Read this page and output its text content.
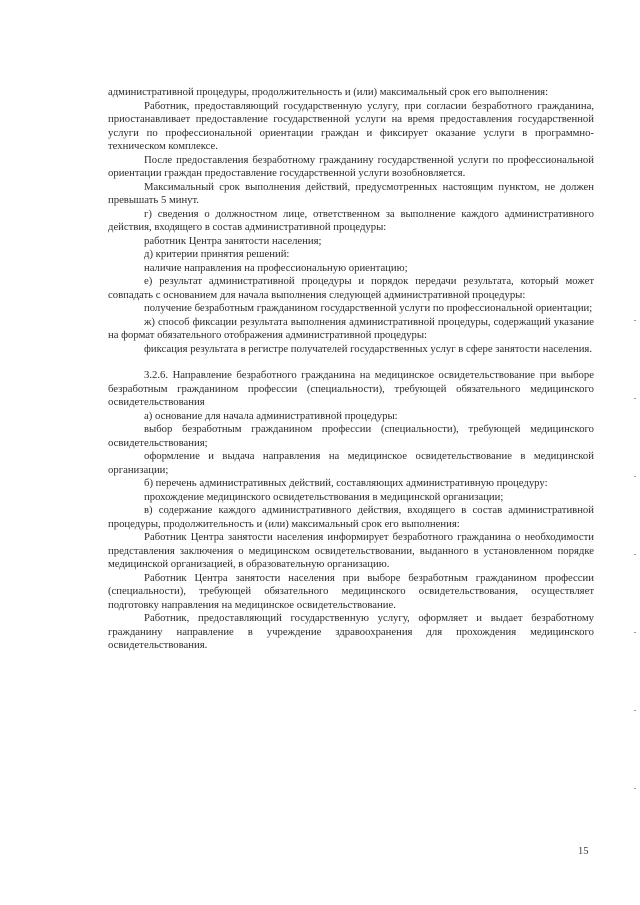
административной процедуры, продолжительность и (или) максимальный срок его выполнения:

Работник, предоставляющий государственную услугу, при согласии безработного гражданина, приостанавливает предоставление государственной услуги на время предоставления государственной услуги по профессиональной ориентации граждан и фиксирует оказание услуги в программно-техническом комплексе.

После предоставления безработному гражданину государственной услуги по профессиональной ориентации граждан предоставление государственной услуги возобновляется.

Максимальный срок выполнения действий, предусмотренных настоящим пунктом, не должен превышать 5 минут.

г) сведения о должностном лице, ответственном за выполнение каждого административного действия, входящего в состав административной процедуры:

работник Центра занятости населения;

д) критерии принятия решений:

наличие направления на профессиональную ориентацию;

е) результат административной процедуры и порядок передачи результата, который может совпадать с основанием для начала выполнения следующей административной процедуры:

получение безработным гражданином государственной услуги по профессиональной ориентации;

ж) способ фиксации результата выполнения административной процедуры, содержащий указание на формат обязательного отображения административной процедуры:

фиксация результата в регистре получателей государственных услуг в сфере занятости населения.

3.2.6. Направление безработного гражданина на медицинское освидетельствование при выборе безработным гражданином профессии (специальности), требующей обязательного медицинского освидетельствования

а) основание для начала административной процедуры:

выбор безработным гражданином профессии (специальности), требующей медицинского освидетельствования;

оформление и выдача направления на медицинское освидетельствование в медицинской организации;

б) перечень административных действий, составляющих административную процедуру:

прохождение медицинского освидетельствования в медицинской организации;

в) содержание каждого административного действия, входящего в состав административной процедуры, продолжительность и (или) максимальный срок его выполнения:

Работник Центра занятости населения информирует безработного гражданина о необходимости представления заключения о медицинском освидетельствовании, выданного в установленном порядке медицинской организацией, в образовательную организацию.

Работник Центра занятости населения при выборе безработным гражданином профессии (специальности), требующей обязательного медицинского освидетельствования, осуществляет подготовку направления на медицинское освидетельствование.

Работник, предоставляющий государственную услугу, оформляет и выдает безработному гражданину направление в учреждение здравоохранения для прохождения медицинского освидетельствования.

15
